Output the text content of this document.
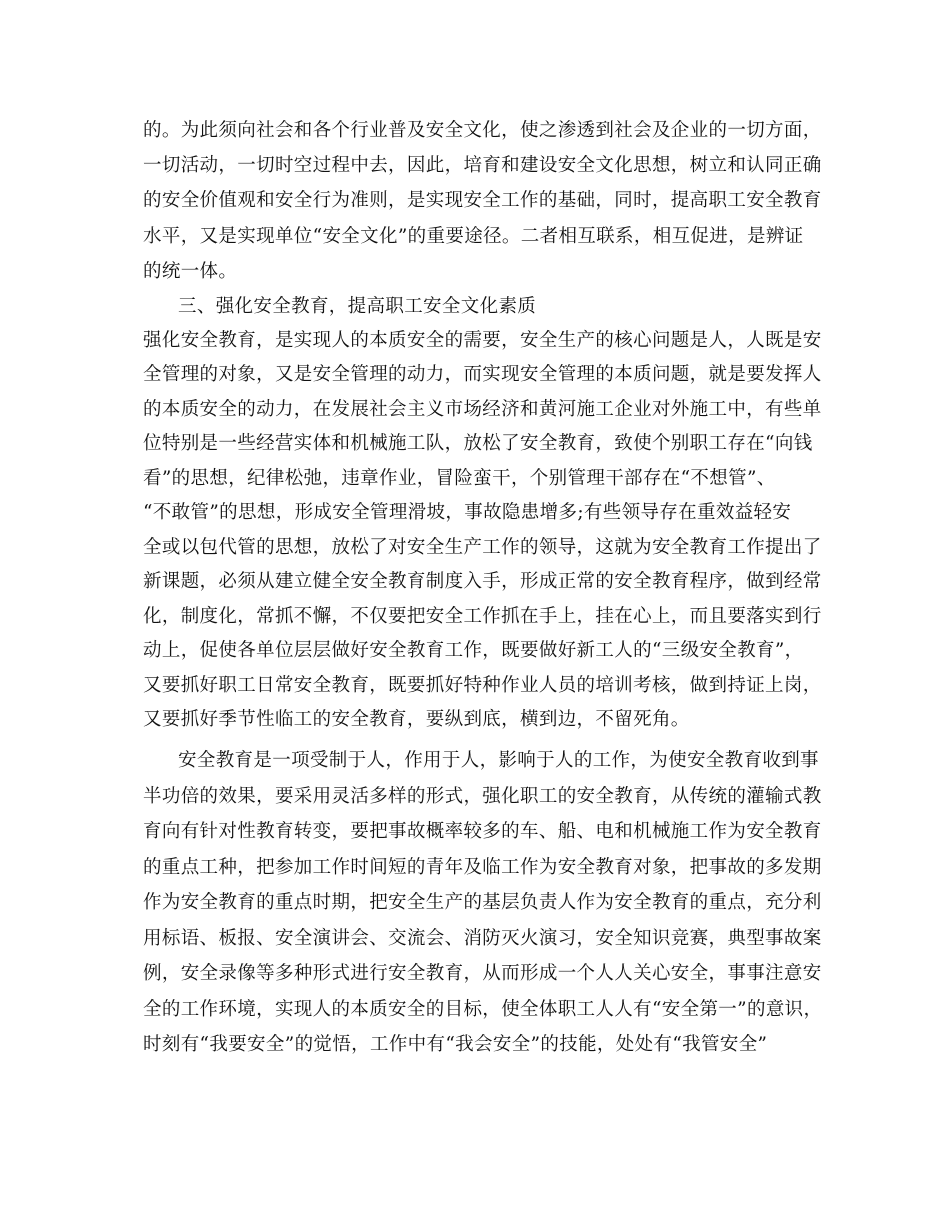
的。为此须向社会和各个行业普及安全文化，使之渗透到社会及企业的一切方面，
一切活动，一切时空过程中去，因此，培育和建设安全文化思想，树立和认同正确
的安全价值观和安全行为准则，是实现安全工作的基础，同时，提高职工安全教育
水平，又是实现单位“安全文化”的重要途径。二者相互联系，相互促进，是辨证
的统一体。
三、强化安全教育，提高职工安全文化素质
强化安全教育，是实现人的本质安全的需要，安全生产的核心问题是人，人既是安
全管理的对象，又是安全管理的动力，而实现安全管理的本质问题，就是要发挥人
的本质安全的动力，在发展社会主义市场经济和黄河施工企业对外施工中，有些单
位特别是一些经营实体和机械施工队，放松了安全教育，致使个别职工存在“向钱
看”的思想，纪律松弛，违章作业，冒险蛮干，个别管理干部存在“不想管”、
“不敢管”的思想，形成安全管理滑坡，事故隐患增多;有些领导存在重效益轻安
全或以包代管的思想，放松了对安全生产工作的领导，这就为安全教育工作提出了
新课题，必须从建立健全安全教育制度入手，形成正常的安全教育程序，做到经常
化，制度化，常抓不懈，不仅要把安全工作抓在手上，挂在心上，而且要落实到行
动上，促使各单位层层做好安全教育工作，既要做好新工人的“三级安全教育”，
又要抓好职工日常安全教育，既要抓好特种作业人员的培训考核，做到持证上岗，
又要抓好季节性临工的安全教育，要纵到底，横到边，不留死角。
安全教育是一项受制于人，作用于人，影响于人的工作，为使安全教育收到事
半功倍的效果，要采用灵活多样的形式，强化职工的安全教育，从传统的灌输式教
育向有针对性教育转变，要把事故概率较多的车、船、电和机械施工作为安全教育
的重点工种，把参加工作时间短的青年及临工作为安全教育对象，把事故的多发期
作为安全教育的重点时期，把安全生产的基层负责人作为安全教育的重点，充分利
用标语、板报、安全演讲会、交流会、消防灭火演习，安全知识竞赛，典型事故案
例，安全录像等多种形式进行安全教育，从而形成一个人人关心安全，事事注意安
全的工作环境，实现人的本质安全的目标，使全体职工人人有“安全第一”的意识，
时刻有“我要安全”的觉悟，工作中有“我会安全”的技能，处处有“我管安全”
